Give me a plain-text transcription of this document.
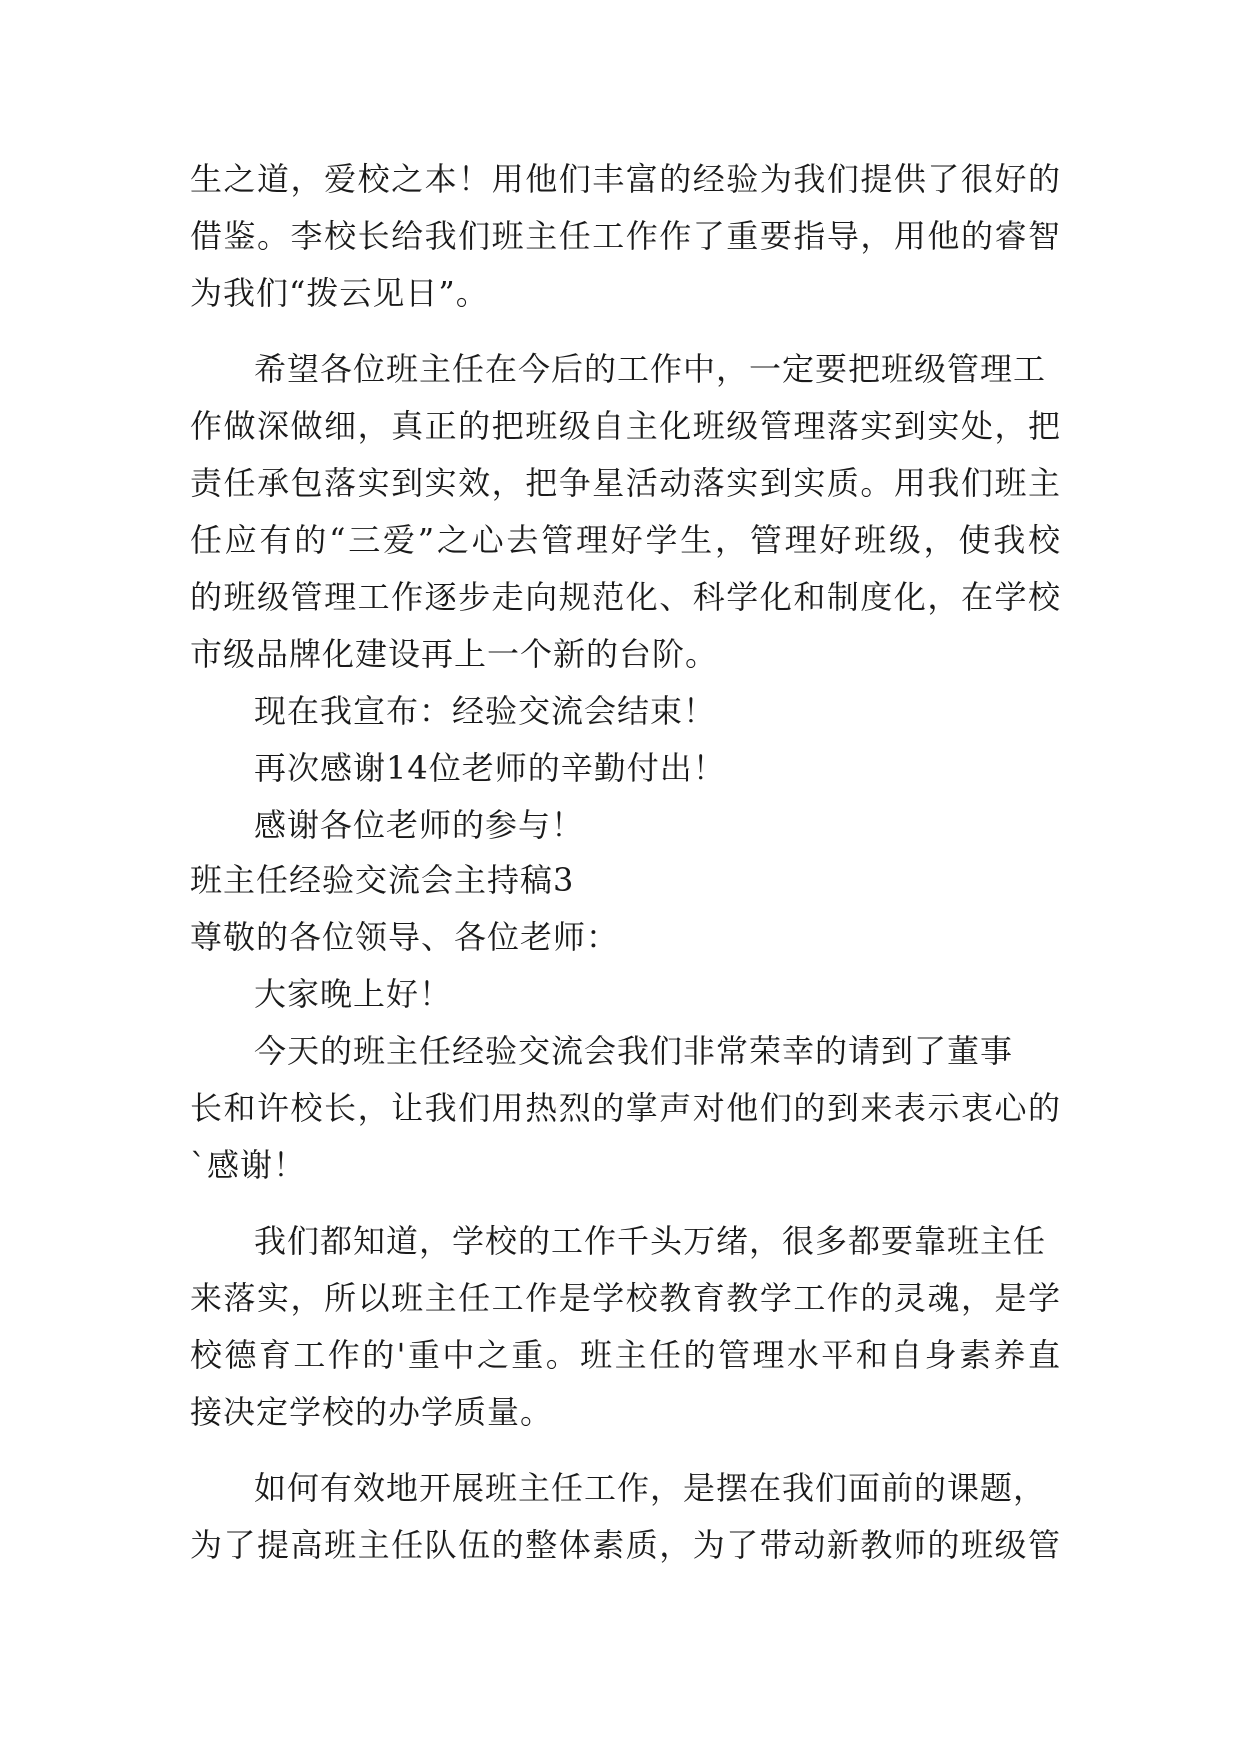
生之道，爱校之本！用他们丰富的经验为我们提供了很好的
借鉴。李校长给我们班主任工作作了重要指导，用他的睿智
为我们“拨云见日”。
希望各位班主任在今后的工作中，一定要把班级管理工
作做深做细，真正的把班级自主化班级管理落实到实处，把
责任承包落实到实效，把争星活动落实到实质。用我们班主
任应有的“三爱”之心去管理好学生，管理好班级，使我校
的班级管理工作逐步走向规范化、科学化和制度化，在学校
市级品牌化建设再上一个新的台阶。
现在我宣布：经验交流会结束！
再次感谢14位老师的辛勤付出！
感谢各位老师的参与！
班主任经验交流会主持稿3
尊敬的各位领导、各位老师：
大家晚上好！
今天的班主任经验交流会我们非常荣幸的请到了董事
长和许校长，让我们用热烈的掌声对他们的到来表示衷心的
`感谢！
我们都知道，学校的工作千头万绪，很多都要靠班主任
来落实，所以班主任工作是学校教育教学工作的灵魂，是学
校德育工作的'重中之重。班主任的管理水平和自身素养直
接决定学校的办学质量。
如何有效地开展班主任工作，是摆在我们面前的课题，
为了提高班主任队伍的整体素质，为了带动新教师的班级管
